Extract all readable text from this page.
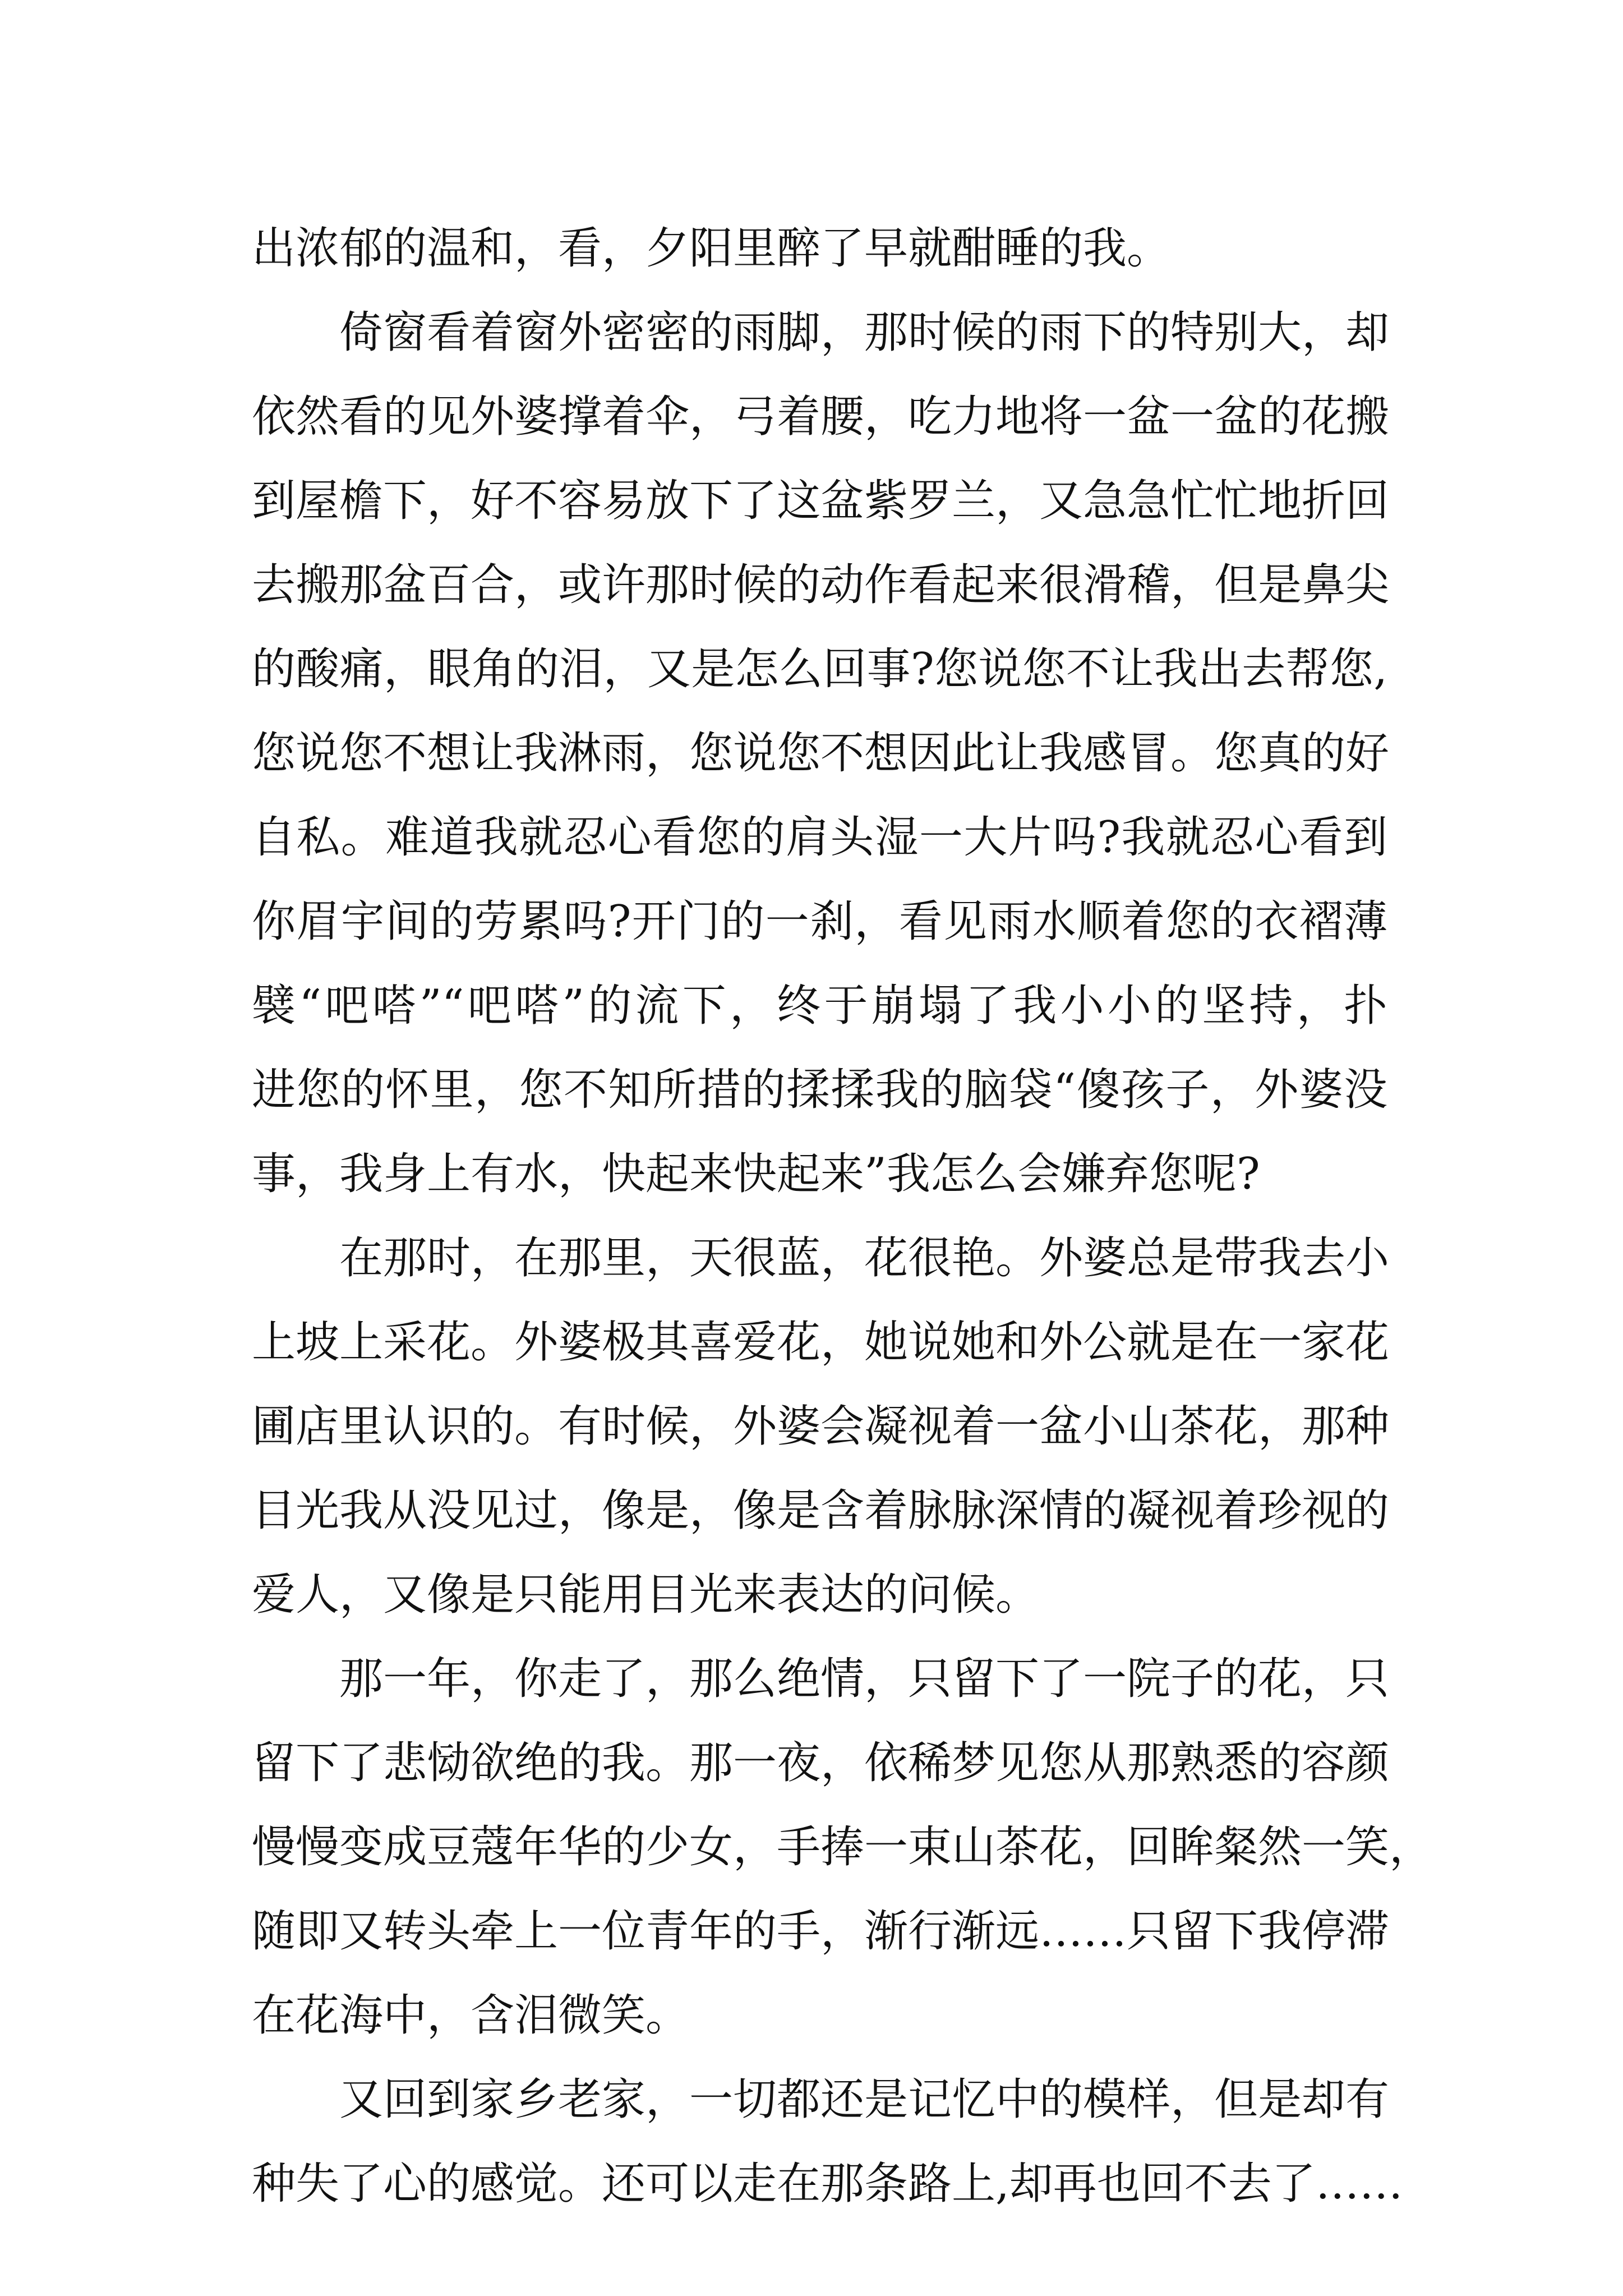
出浓郁的温和，看，夕阳里醉了早就酣睡的我。
倚窗看着窗外密密的雨脚，那时候的雨下的特别大，却
依然看的见外婆撑着伞，弓着腰，吃力地将一盆一盆的花搬
到屋檐下，好不容易放下了这盆紫罗兰，又急急忙忙地折回
去搬那盆百合，或许那时候的动作看起来很滑稽，但是鼻尖
的酸痛，眼角的泪，又是怎么回事?您说您不让我出去帮您,
您说您不想让我淋雨，您说您不想因此让我感冒。您真的好
自私。难道我就忍心看您的肩头湿一大片吗?我就忍心看到
你眉宇间的劳累吗?开门的一刹，看见雨水顺着您的衣褶薄
襞“吧嗒”“吧嗒”的流下，终于崩塌了我小小的坚持，扑
进您的怀里，您不知所措的揉揉我的脑袋“傻孩子，外婆没
事，我身上有水，快起来快起来”我怎么会嫌弃您呢?
在那时，在那里，天很蓝，花很艳。外婆总是带我去小
上坡上采花。外婆极其喜爱花，她说她和外公就是在一家花
圃店里认识的。有时候，外婆会凝视着一盆小山茶花，那种
目光我从没见过，像是，像是含着脉脉深情的凝视着珍视的
爱人，又像是只能用目光来表达的问候。
那一年，你走了，那么绝情，只留下了一院子的花，只
留下了悲恸欲绝的我。那一夜，依稀梦见您从那熟悉的容颜
慢慢变成豆蔻年华的少女，手捧一束山茶花，回眸粲然一笑，
随即又转头牵上一位青年的手，渐行渐远……只留下我停滞
在花海中，含泪微笑。
又回到家乡老家，一切都还是记忆中的模样，但是却有
种失了心的感觉。还可以走在那条路上,却再也回不去了……
